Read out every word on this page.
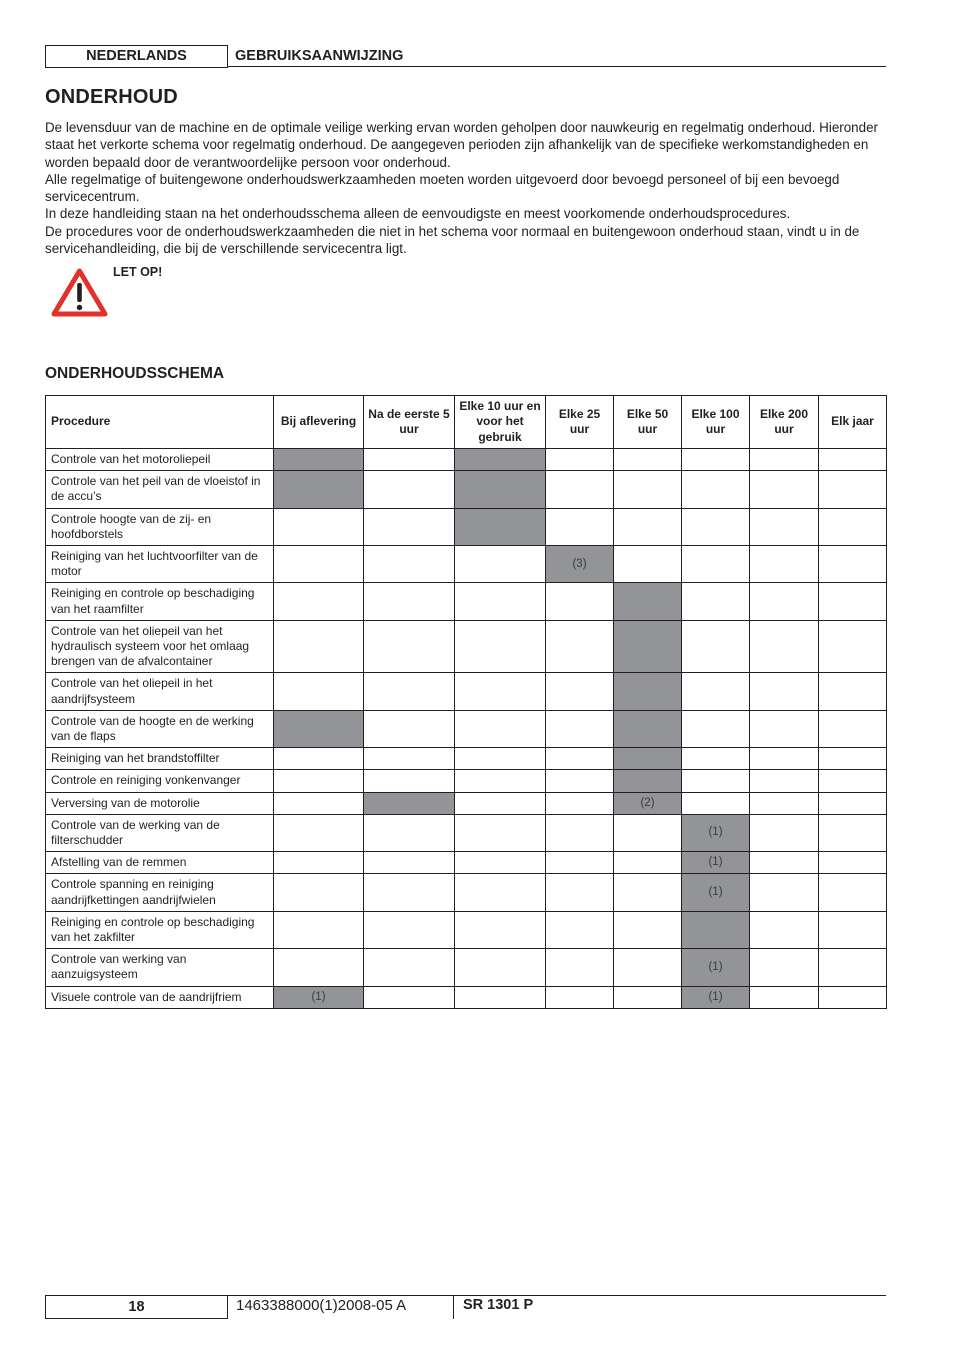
NEDERLANDS	GEBRUIKSAANWIJZING
ONDERHOUD

De levensduur van de machine en de optimale veilige werking ervan worden geholpen door nauwkeurig en regelmatig onderhoud. Hieronder staat het verkorte schema voor regelmatig onderhoud. De aangegeven perioden zijn afhankelijk van de specifieke werkomstandigheden en worden bepaald door de verantwoordelijke persoon voor onderhoud.

Alle regelmatige of buitengewone onderhoudswerkzaamheden moeten worden uitgevoerd door bevoegd personeel of bij een bevoegd servicecentrum.

In deze handleiding staan na het onderhoudsschema alleen de eenvoudigste en meest voorkomende onderhoudsprocedures.

De procedures voor de onderhoudswerkzaamheden die niet in het schema voor normaal en buitengewoon onderhoud staan, vindt u in de servicehandleiding, die bij de verschillende servicecentra ligt.

LET OP!
ONDERHOUDSSCHEMA
Procedure	Bij aflevering	Na de eerste 5 uur	Elke 10 uur en voor het gebruik	Elke 25 uur	Elke 50 uur	Elke 100 uur	Elke 200 uur	Elk jaar
Controle van het motoroliepeil								
Controle van het peil van de vloeistof in de accu’s								
Controle hoogte van de zij- en hoofdborstels								
Reiniging van het luchtvoorfilter van de motor				(3)				
Reiniging en controle op beschadiging van het raamfilter								
Controle van het oliepeil van het hydraulisch systeem voor het omlaag brengen van de afvalcontainer								
Controle van het oliepeil in het aandrijfsysteem								
Controle van de hoogte en de werking van de flaps								
Reiniging van het brandstoffilter								
Controle en reiniging vonkenvanger								
Verversing van de motorolie					(2)			
Controle van de werking van de filterschudder						(1)		
Afstelling van de remmen						(1)		
Controle spanning en reiniging aandrijfkettingen aandrijfwielen						(1)		
Reiniging en controle op beschadiging van het zakfilter								
Controle van werking van aanzuigsysteem						(1)		
Visuele controle van de aandrijfriem	(1)					(1)		
18	1463388000(1)2008-05 A	SR 1301 P
